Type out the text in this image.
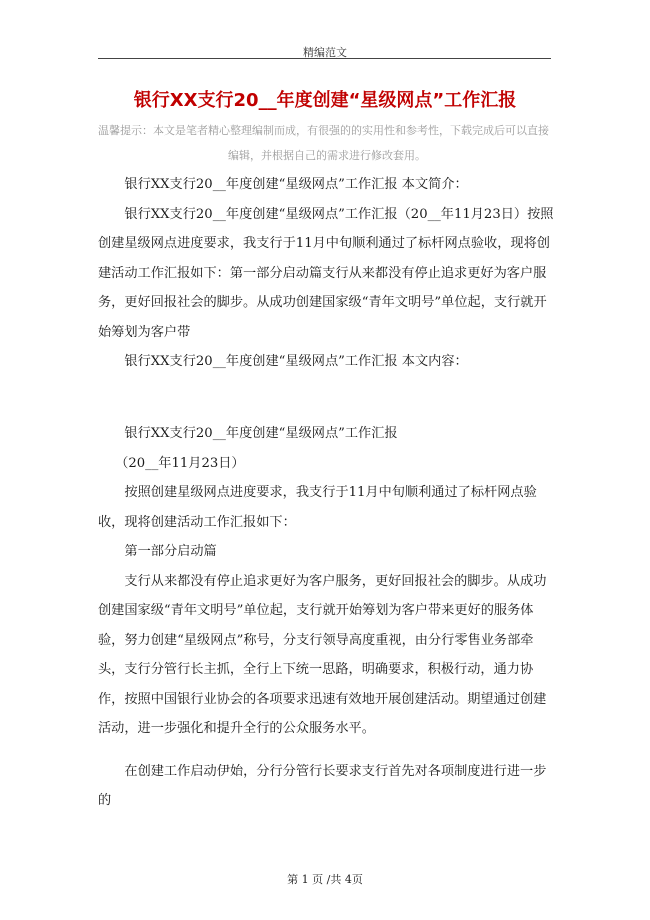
精编范文
银行XX支行20__年度创建“星级网点”工作汇报
温馨提示：本文是笔者精心整理编制而成，有很强的的实用性和参考性，下载完成后可以直接
编辑，并根据自己的需求进行修改套用。

银行XX支行20__年度创建“星级网点”工作汇报 本文简介：

银行XX支行20__年度创建“星级网点”工作汇报（20__年11月23日）按照创建星级网点进度要求，我支行于11月中旬顺利通过了标杆网点验收，现将创建活动工作汇报如下：第一部分启动篇支行从来都没有停止追求更好为客户服务，更好回报社会的脚步。从成功创建国家级“青年文明号”单位起，支行就开始筹划为客户带

银行XX支行20__年度创建“星级网点”工作汇报 本文内容：

银行XX支行20__年度创建“星级网点”工作汇报

（20__年11月23日）

按照创建星级网点进度要求，我支行于11月中旬顺利通过了标杆网点验收，现将创建活动工作汇报如下：

第一部分启动篇

支行从来都没有停止追求更好为客户服务，更好回报社会的脚步。从成功创建国家级“青年文明号”单位起，支行就开始筹划为客户带来更好的服务体验，努力创建“星级网点”称号，分支行领导高度重视，由分行零售业务部牵头，支行分管行长主抓，全行上下统一思路，明确要求，积极行动，通力协作，按照中国银行业协会的各项要求迅速有效地开展创建活动。期望通过创建活动，进一步强化和提升全行的公众服务水平。

在创建工作启动伊始，分行分管行长要求支行首先对各项制度进行进一步的

第 1 页 /共 4页
